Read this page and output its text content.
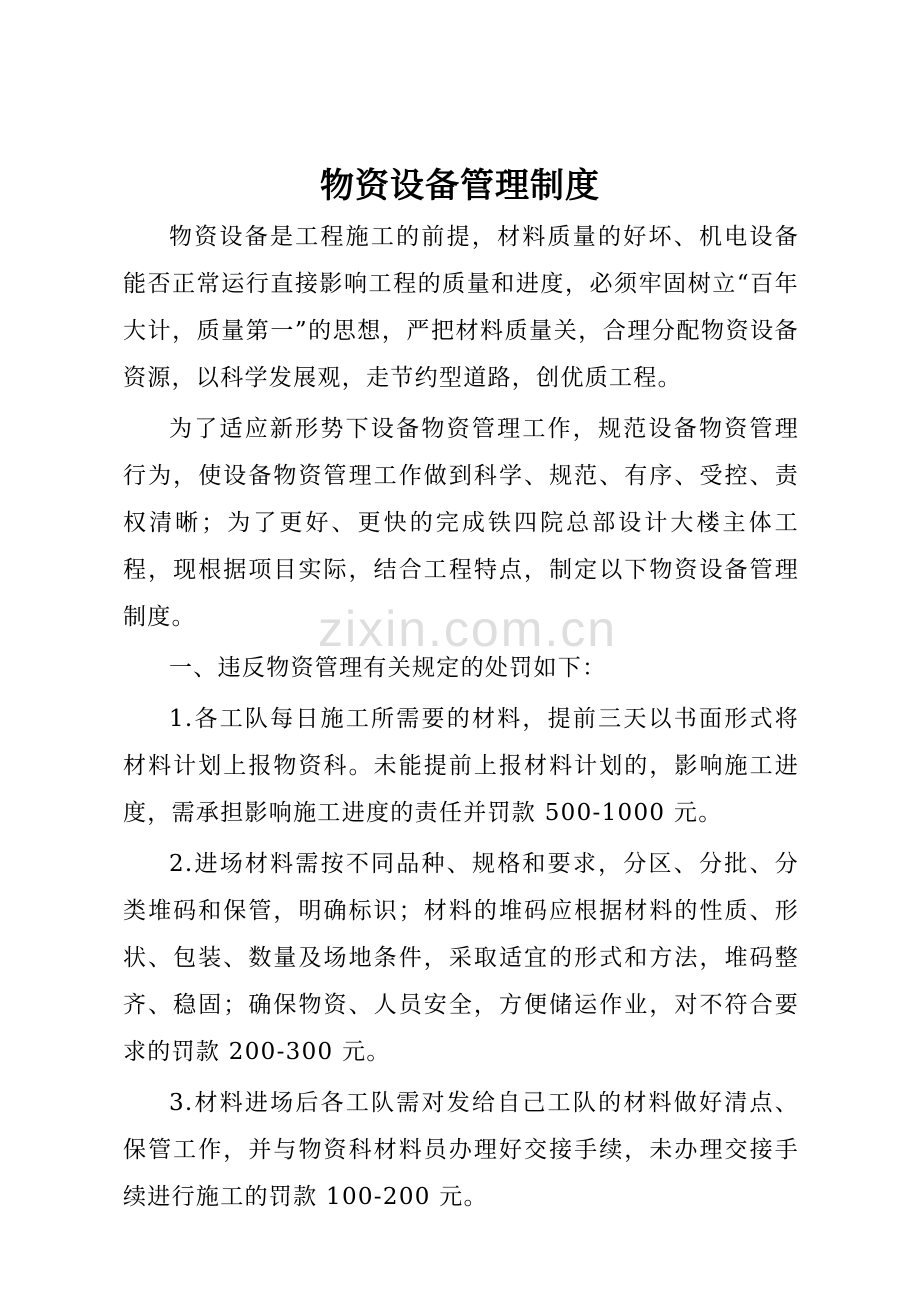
zixin.com.cn
物资设备管理制度

物资设备是工程施工的前提，材料质量的好坏、机电设备能否正常运行直接影响工程的质量和进度，必须牢固树立“百年大计，质量第一”的思想，严把材料质量关，合理分配物资设备资源，以科学发展观，走节约型道路，创优质工程。

为了适应新形势下设备物资管理工作，规范设备物资管理行为，使设备物资管理工作做到科学、规范、有序、受控、责权清晰；为了更好、更快的完成铁四院总部设计大楼主体工程，现根据项目实际，结合工程特点，制定以下物资设备管理制度。

一、违反物资管理有关规定的处罚如下：

1.各工队每日施工所需要的材料，提前三天以书面形式将材料计划上报物资科。未能提前上报材料计划的，影响施工进度，需承担影响施工进度的责任并罚款 500-1000 元。

2.进场材料需按不同品种、规格和要求，分区、分批、分类堆码和保管，明确标识；材料的堆码应根据材料的性质、形状、包装、数量及场地条件，采取适宜的形式和方法，堆码整齐、稳固；确保物资、人员安全，方便储运作业，对不符合要求的罚款 200-300 元。

3.材料进场后各工队需对发给自己工队的材料做好清点、保管工作，并与物资科材料员办理好交接手续，未办理交接手续进行施工的罚款 100-200 元。
